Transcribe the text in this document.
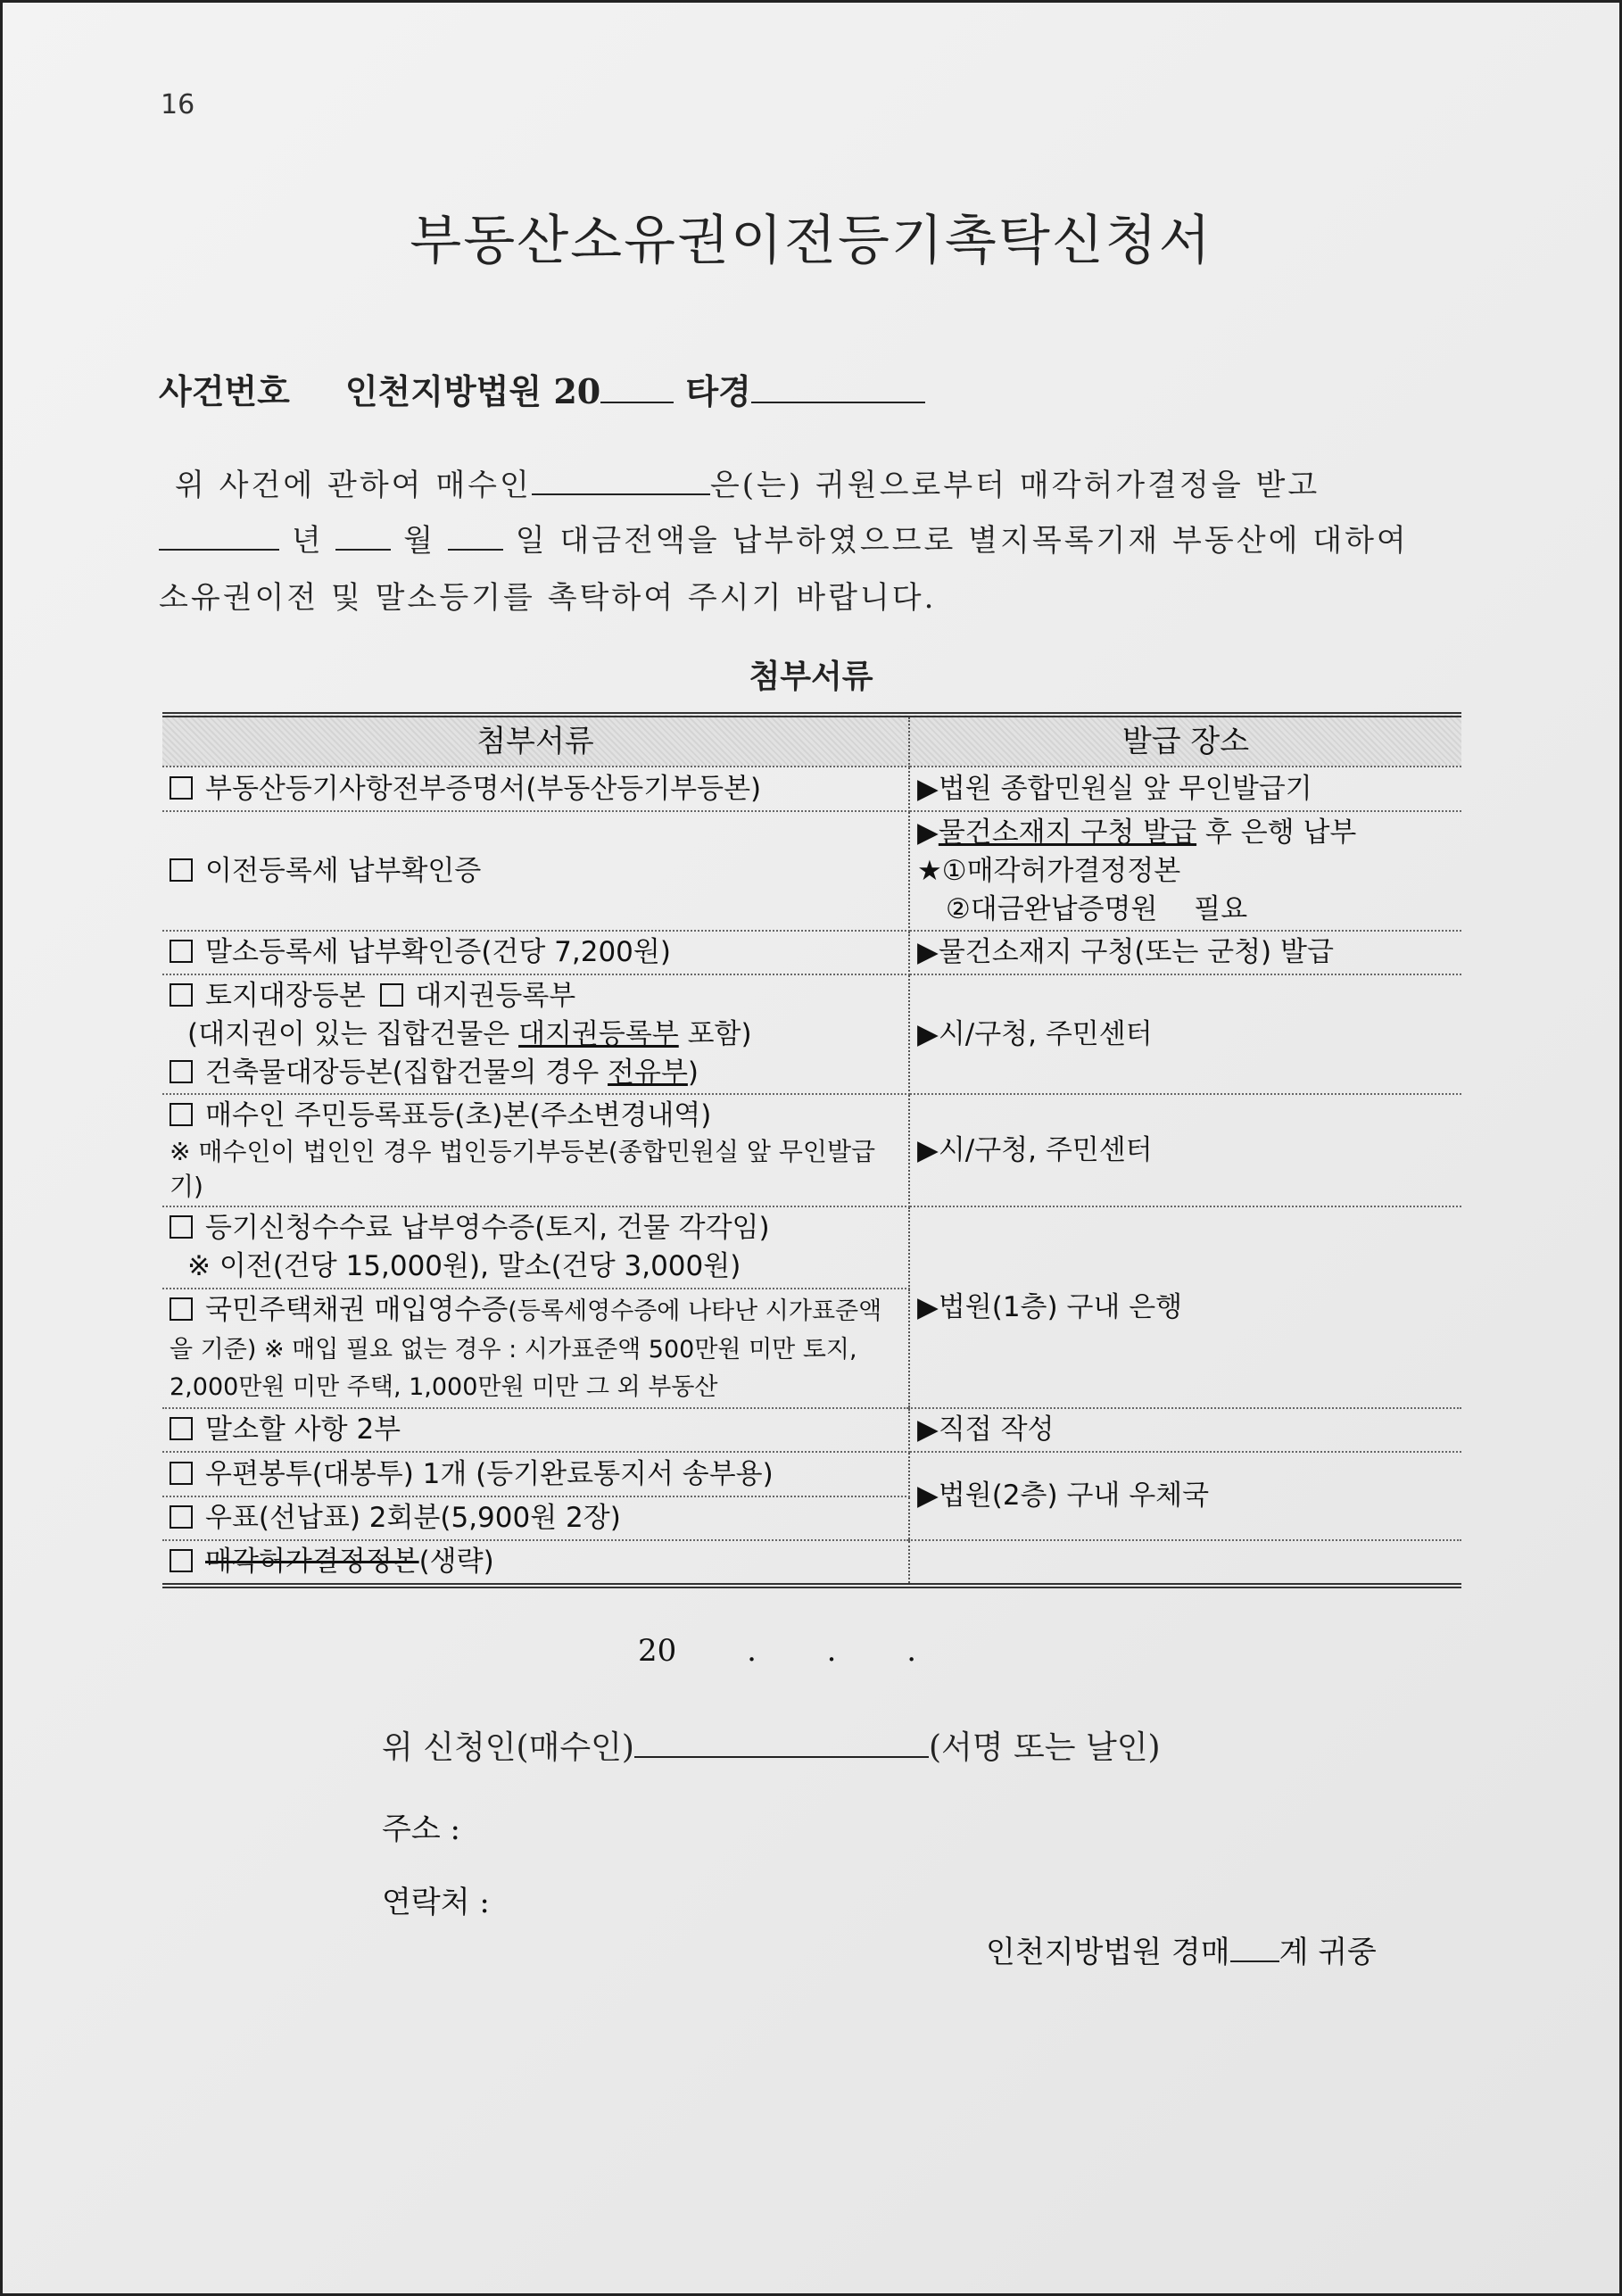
16
부동산소유권이전등기촉탁신청서
사건번호 인천지방법원 20	타경
위 사건에 관하여 매수인	은(는) 귀원으로부터 매각허가결정을 받고
년	월	일 대금전액을 납부하였으므로 별지목록기재 부동산에 대하여
소유권이전 및 말소등기를 촉탁하여 주시기 바랍니다.
첨부서류
첨부서류	발급 장소
부동산등기사항전부증명서(부동산등기부등본)	▶법원 종합민원실 앞 무인발급기
이전등록세 납부확인증	▶물건소재지 구청 발급 후 은행 납부
★①매각허가결정정본
②대금완납증명원　 필요
말소등록세 납부확인증(건당 7,200원)	▶물건소재지 구청(또는 군청) 발급
토지대장등본 대지권등록부
(대지권이 있는 집합건물은 대지권등록부 포함)
건축물대장등본(집합건물의 경우 전유부)	▶시/구청, 주민센터
매수인 주민등록표등(초)본(주소변경내역)

※ 매수인이 법인인 경우 법인등기부등본(종합민원실 앞 무인발급기)	▶시/구청, 주민센터
등기신청수수료 납부영수증(토지, 건물 각각임)
※ 이전(건당 15,000원), 말소(건당 3,000원)	▶법원(1층) 구내 은행
국민주택채권 매입영수증(등록세영수증에 나타난 시가표준액을 기준) ※ 매입 필요 없는 경우 : 시가표준액 500만원 미만 토지, 2,000만원 미만 주택, 1,000만원 미만 그 외 부동산	
말소할 사항 2부	▶직접 작성
우편봉투(대봉투) 1개 (등기완료통지서 송부용)	▶법원(2층) 구내 우체국
우표(선납표) 2회분(5,900원 2장)	
매각허가결정정본(생략)	
20　　 .　　 .　　 .
위 신청인(매수인)	(서명 또는 날인)
주소 :
연락처 :
인천지방법원 경매 계 귀중
